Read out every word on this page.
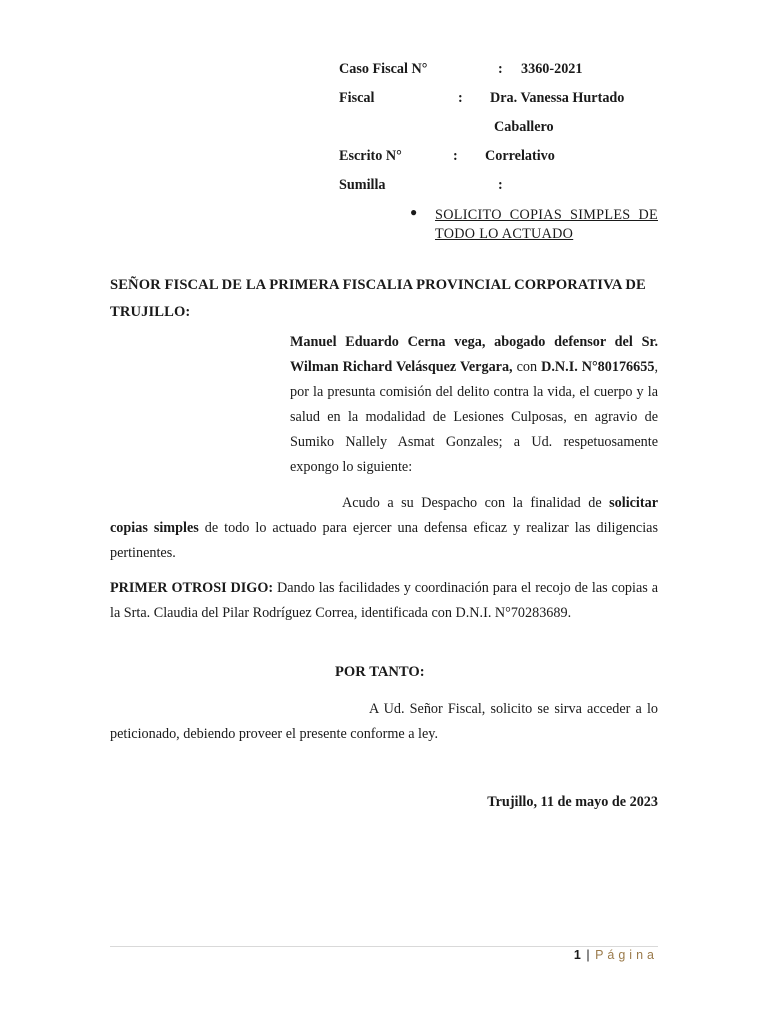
Caso Fiscal N°	: 3360-2021
Fiscal	: Dra. Vanessa Hurtado
Caballero
Escrito N°	: Correlativo
Sumilla	:
● SOLICITO COPIAS SIMPLES DE TODO LO ACTUADO
SEÑOR FISCAL DE LA PRIMERA FISCALIA PROVINCIAL CORPORATIVA DE TRUJILLO:
Manuel Eduardo Cerna vega, abogado defensor del Sr. Wilman Richard Velásquez Vergara, con D.N.I. N°80176655, por la presunta comisión del delito contra la vida, el cuerpo y la salud en la modalidad de Lesiones Culposas, en agravio de Sumiko Nallely Asmat Gonzales; a Ud. respetuosamente expongo lo siguiente:
Acudo a su Despacho con la finalidad de solicitar copias simples de todo lo actuado para ejercer una defensa eficaz y realizar las diligencias pertinentes.
PRIMER OTROSI DIGO: Dando las facilidades y coordinación para el recojo de las copias a la Srta. Claudia del Pilar Rodríguez Correa, identificada con D.N.I. N°70283689.
POR TANTO:
A Ud. Señor Fiscal, solicito se sirva acceder a lo peticionado, debiendo proveer el presente conforme a ley.
Trujillo, 11 de mayo de 2023
1 | Página
